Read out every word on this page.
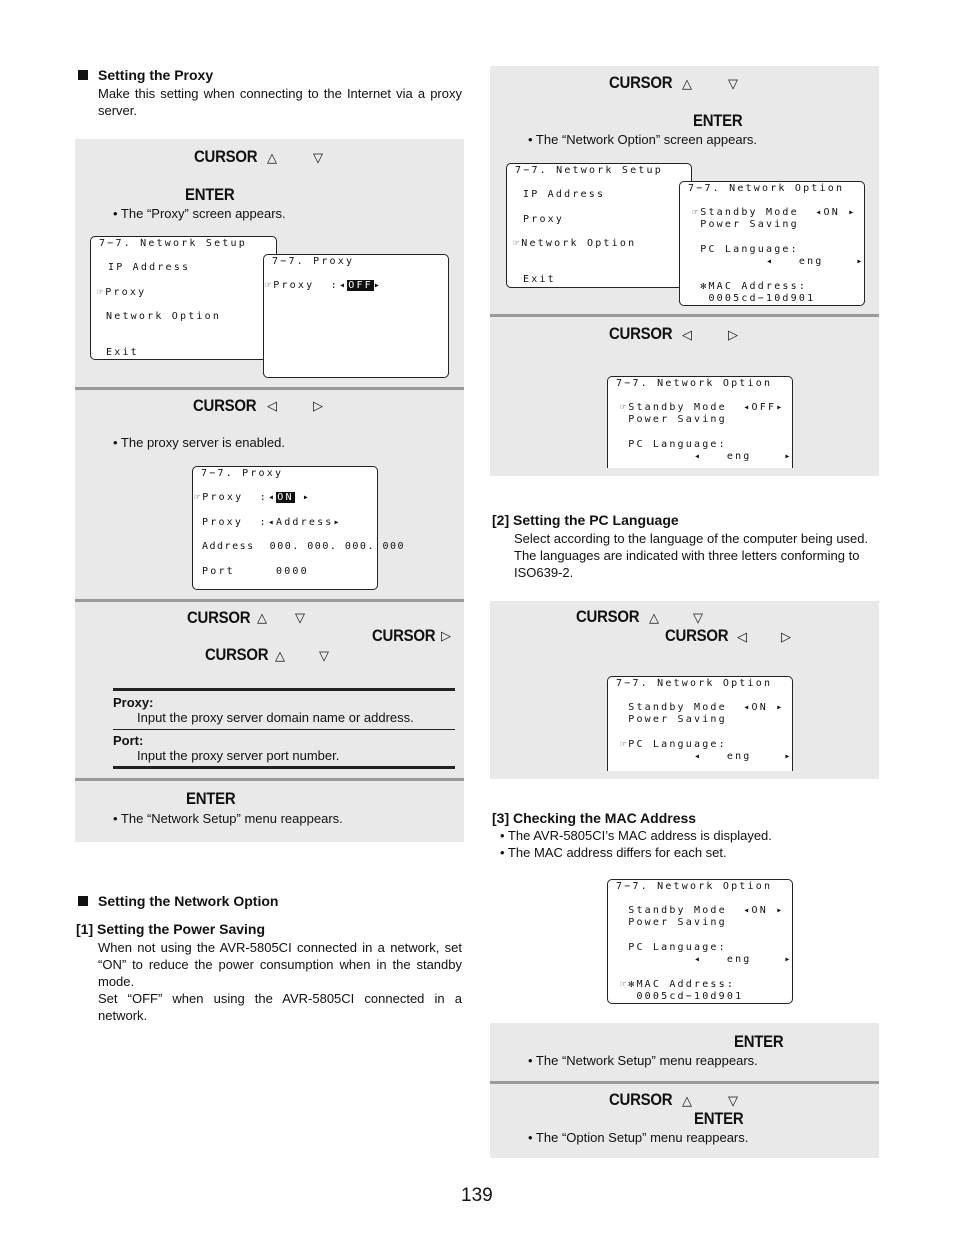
Setting the Proxy
Make this setting when connecting to the Internet via a proxy server.
CURSOR △	▽
ENTER
• The “Proxy” screen appears.
7−7. Network Setup
IP Address
☞Proxy
Network Option
Exit
7−7. Proxy
☞Proxy  :◂OFF▸
CURSOR ◁	▷
• The proxy server is enabled.
7−7. Proxy
☞Proxy  :◂ON ▸
Proxy  :◂Address▸
Address  000. 000. 000. 000
Port     0000
CURSOR △ ▽
CURSOR ▷
CURSOR △	▽
Proxy:
Input the proxy server domain name or address.
Port:
Input the proxy server port number.
ENTER
• The “Network Setup” menu reappears.
Setting the Network Option
[1] Setting the Power Saving
When not using the AVR-5805CI connected in a network, set “ON” to reduce the power consumption when in the standby mode.
Set “OFF” when using the AVR-5805CI connected in a network.
CURSOR △	▽
ENTER
• The “Network Option” screen appears.
7−7. Network Setup
IP Address
Proxy
☞Network Option
Exit
7−7. Network Option
☞Standby Mode  ◂ON ▸
Power Saving
PC Language:
◂   eng    ▸
✻MAC Address:
0005cd−10d901
CURSOR ◁	▷
7−7. Network Option
☞Standby Mode  ◂OFF▸
Power Saving
PC Language:
◂   eng    ▸
[2] Setting the PC Language
Select according to the language of the computer being used. The languages are indicated with three letters conforming to ISO639-2.
CURSOR △	▽
CURSOR ◁	▷
7−7. Network Option
Standby Mode  ◂ON ▸
Power Saving
☞PC Language:
◂   eng    ▸
[3] Checking the MAC Address
• The AVR-5805CI’s MAC address is displayed.
• The MAC address differs for each set.
7−7. Network Option
Standby Mode  ◂ON ▸
Power Saving
PC Language:
◂   eng    ▸
☞✻MAC Address:
0005cd−10d901
ENTER
• The “Network Setup” menu reappears.
CURSOR △	▽
ENTER
• The “Option Setup” menu reappears.
139
